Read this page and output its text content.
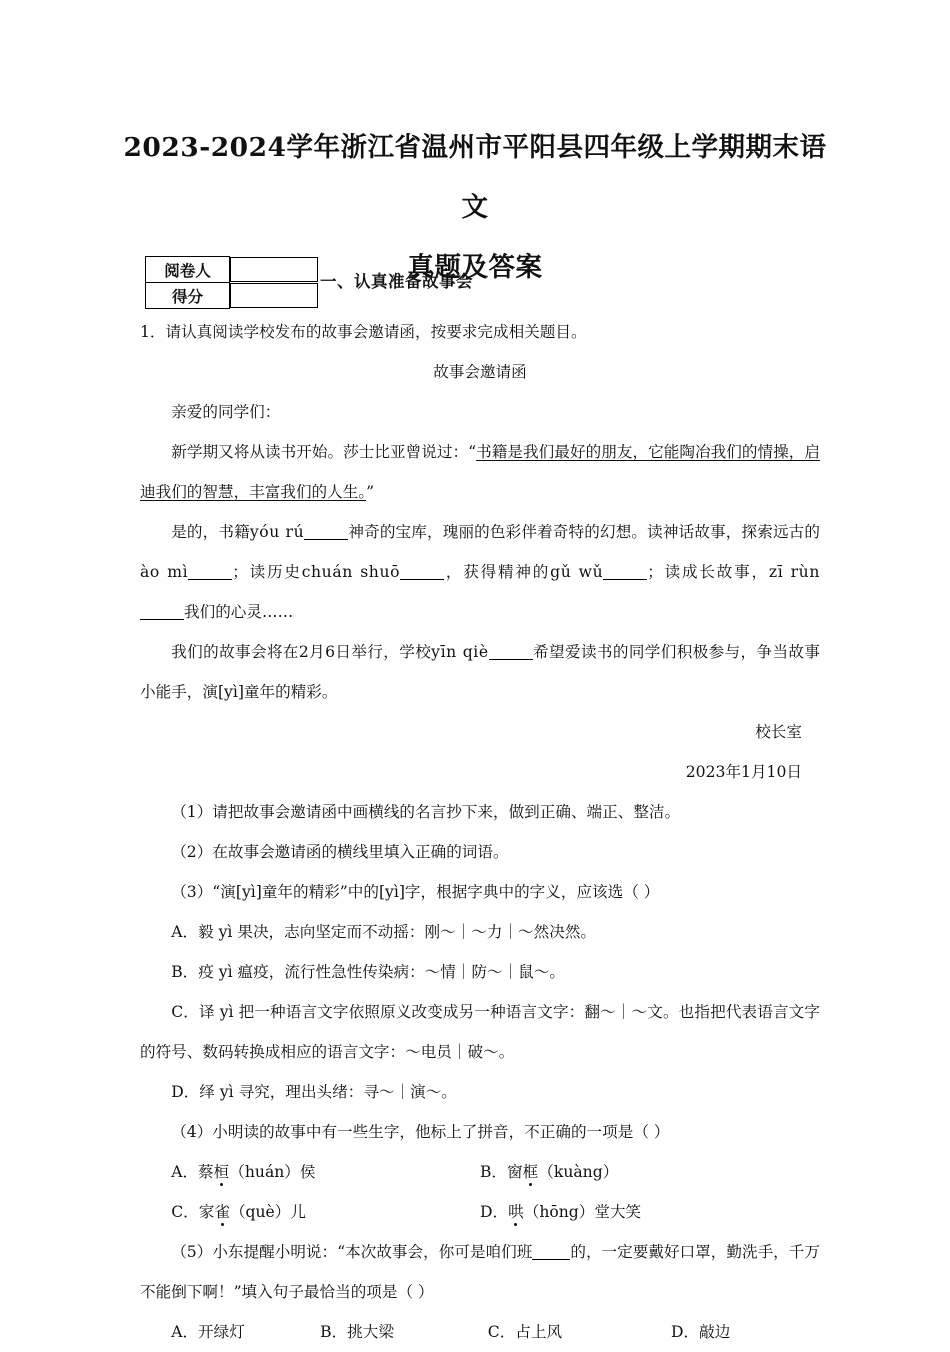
2023-2024学年浙江省温州市平阳县四年级上学期期末语文
真题及答案
阅卷人	
得分	
一、认真准备故事会

1．请认真阅读学校发布的故事会邀请函，按要求完成相关题目。

故事会邀请函

亲爱的同学们：

新学期又将从读书开始。莎士比亚曾说过：“书籍是我们最好的朋友，它能陶冶我们的情操，启迪我们的智慧，丰富我们的人生。”

是的，书籍yóu rú	神奇的宝库，瑰丽的色彩伴着奇特的幻想。读神话故事，探索远古的ào mì	；读历史chuán shuō	，获得精神的gǔ wǔ	；读成长故事，zī rùn我们的心灵……

我们的故事会将在2月6日举行，学校yīn qiè	希望爱读书的同学们积极参与，争当故事小能手，演[yì]童年的精彩。

校长室

2023年1月10日

（1）请把故事会邀请函中画横线的名言抄下来，做到正确、端正、整洁。

（2）在故事会邀请函的横线里填入正确的词语。

（3）“演[yì]童年的精彩”中的[yì]字，根据字典中的字义，应该选（ ）

A．毅 yì 果决，志向坚定而不动摇：刚～｜～力｜～然决然。

B．疫 yì 瘟疫，流行性急性传染病：～情｜防～｜鼠～。

C．译 yì 把一种语言文字依照原义改变成另一种语言文字：翻～｜～文。也指把代表语言文字的符号、数码转换成相应的语言文字：～电员｜破～。

D．绎 yì 寻究，理出头绪：寻～｜演～。

（4）小明读的故事中有一些生字，他标上了拼音，不正确的一项是（ ）

A．蔡桓（huán）侯	B．窗框（kuàng）
C．家雀（què）儿	D．哄（hōng）堂大笑

（5）小东提醒小明说：“本次故事会，你可是咱们班 的，一定要戴好口罩，勤洗手，千万不能倒下啊！”填入句子最恰当的项是（ ）

A．开绿灯	B．挑大梁	C．占上风	D．敲边
